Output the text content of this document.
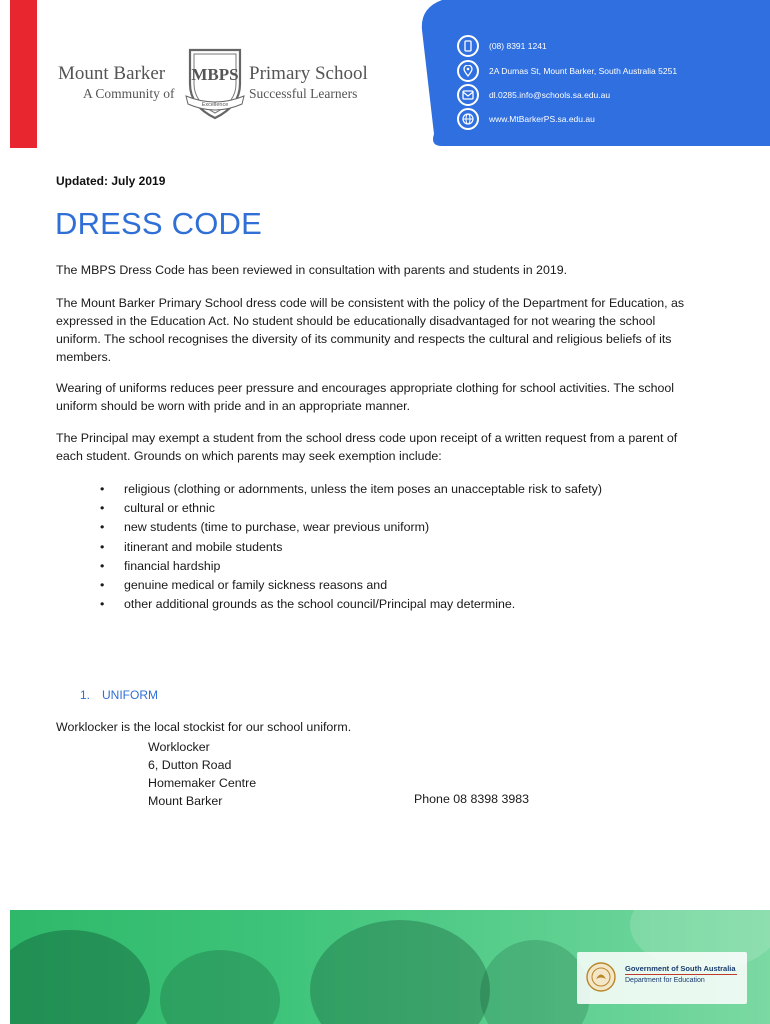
Mount Barker
A Community of
MBPS
Excellence
Primary School
Successful Learners
(08) 8391 1241
2A Dumas St, Mount Barker, South Australia 5251
dl.0285.info@schools.sa.edu.au
www.MtBarkerPS.sa.edu.au
Updated: July 2019
DRESS CODE

The MBPS Dress Code has been reviewed in consultation with parents and students in 2019.

The Mount Barker Primary School dress code will be consistent with the policy of the Department for Education, as expressed in the Education Act. No student should be educationally disadvantaged for not wearing the school uniform. The school recognises the diversity of its community and respects the cultural and religious beliefs of its members.

Wearing of uniforms reduces peer pressure and encourages appropriate clothing for school activities. The school uniform should be worn with pride and in an appropriate manner.

The Principal may exempt a student from the school dress code upon receipt of a written request from a parent of each student. Grounds on which parents may seek exemption include:

• religious (clothing or adornments, unless the item poses an unacceptable risk to safety)
• cultural or ethnic
• new students (time to purchase, wear previous uniform)
• itinerant and mobile students
• financial hardship
• genuine medical or family sickness reasons and
• other additional grounds as the school council/Principal may determine.
1. UNIFORM
Worklocker is the local stockist for our school uniform.
Worklocker
6, Dutton Road
Homemaker Centre
Mount Barker	Phone 08 8398 3983
Government of South Australia
Department for Education
